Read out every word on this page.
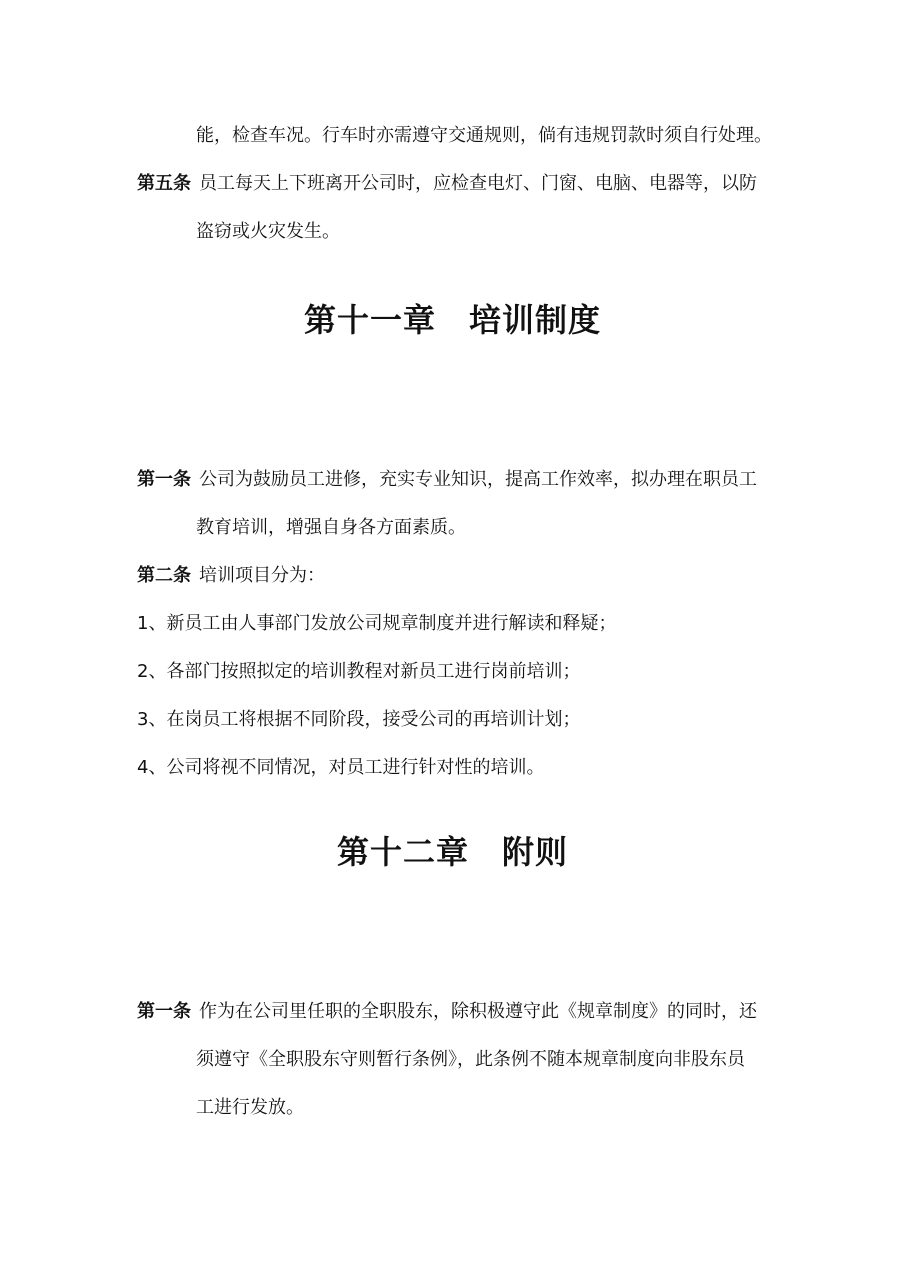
能，检查车况。行车时亦需遵守交通规则，倘有违规罚款时须自行处理。
第五条 员工每天上下班离开公司时，应检查电灯、门窗、电脑、电器等，以防
盗窃或火灾发生。
第十一章　培训制度
第一条 公司为鼓励员工进修，充实专业知识，提高工作效率，拟办理在职员工
教育培训，增强自身各方面素质。
第二条 培训项目分为：
1、新员工由人事部门发放公司规章制度并进行解读和释疑；
2、各部门按照拟定的培训教程对新员工进行岗前培训；
3、在岗员工将根据不同阶段，接受公司的再培训计划；
4、公司将视不同情况，对员工进行针对性的培训。
第十二章　附则
第一条 作为在公司里任职的全职股东，除积极遵守此《规章制度》的同时，还
须遵守《全职股东守则暂行条例》，此条例不随本规章制度向非股东员
工进行发放。
